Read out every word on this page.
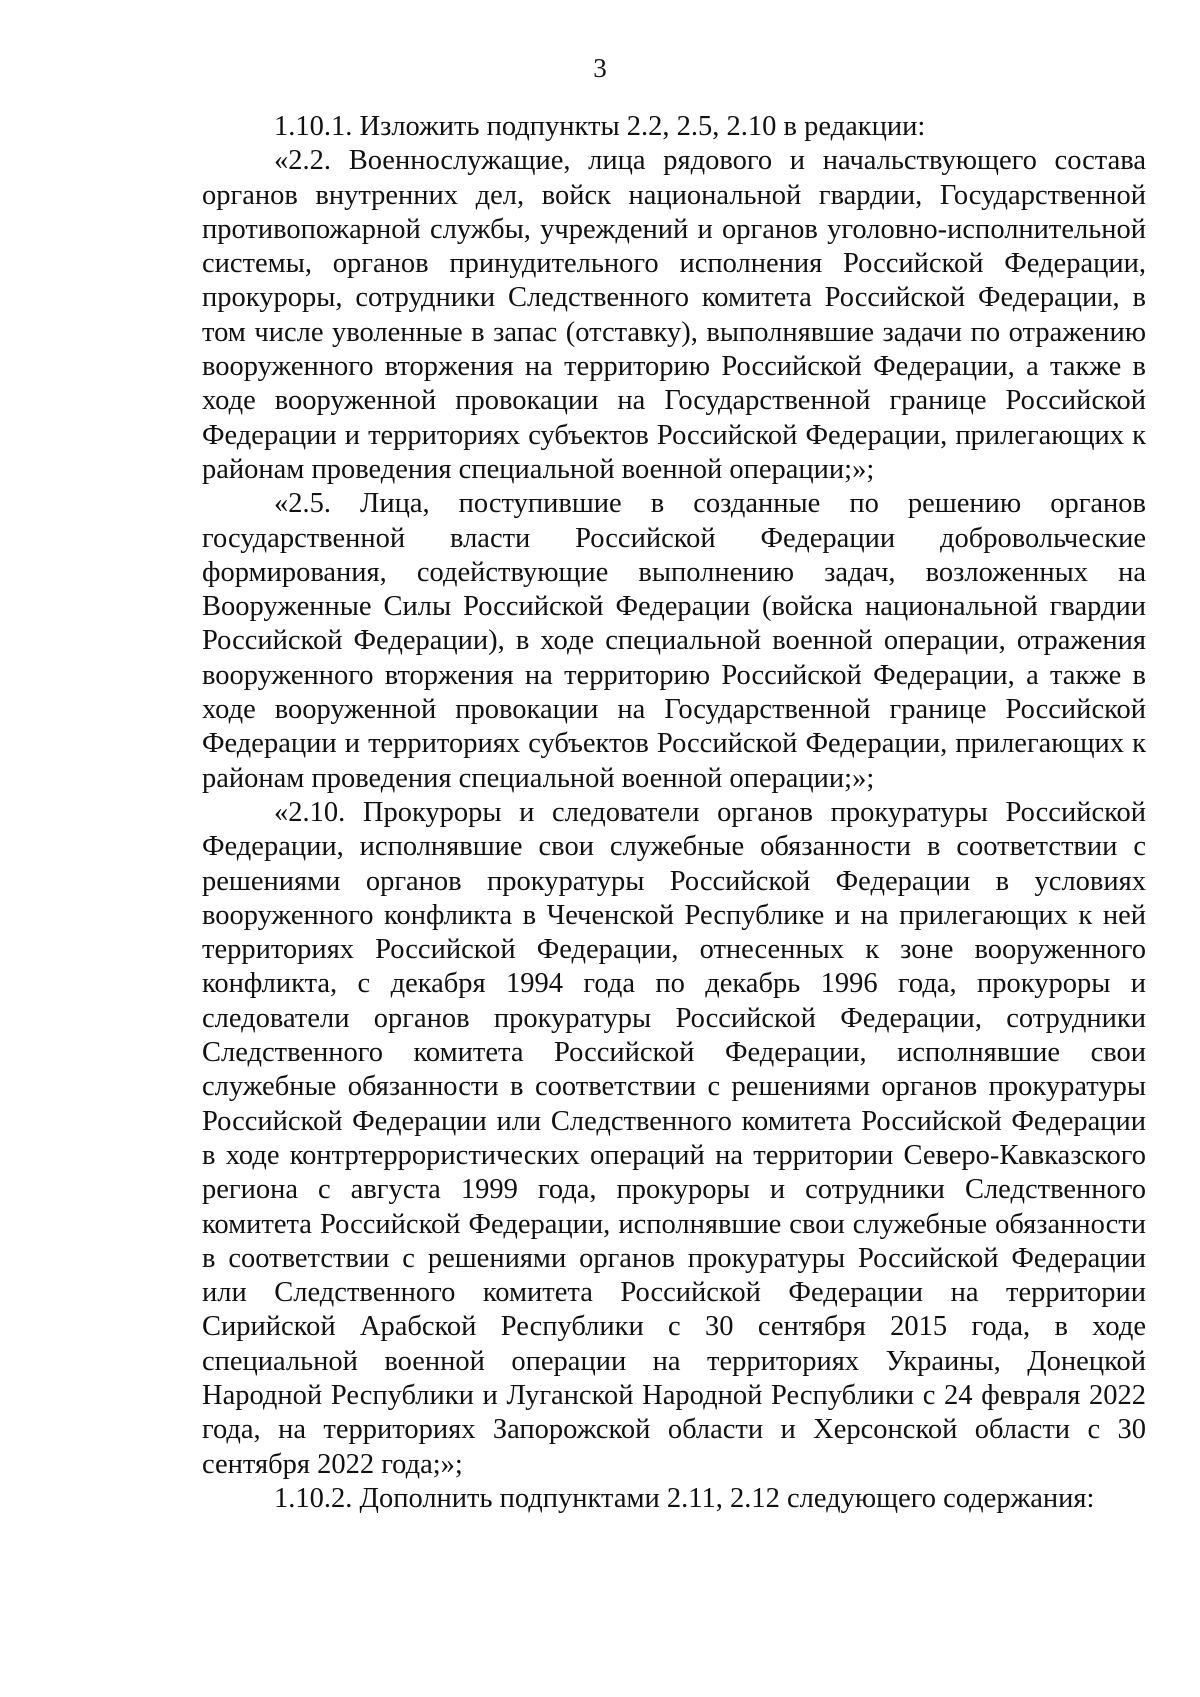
3

1.10.1. Изложить подпункты 2.2, 2.5, 2.10 в редакции:

«2.2. Военнослужащие, лица рядового и начальствующего состава органов внутренних дел, войск национальной гвардии, Государственной противопожарной службы, учреждений и органов уголовно-исполнительной системы, органов принудительного исполнения Российской Федерации, прокуроры, сотрудники Следственного комитета Российской Федерации, в том числе уволенные в запас (отставку), выполнявшие задачи по отражению вооруженного вторжения на территорию Российской Федерации, а также в ходе вооруженной провокации на Государственной границе Российской Федерации и территориях субъектов Российской Федерации, прилегающих к районам проведения специальной военной операции;»;

«2.5. Лица, поступившие в созданные по решению органов государственной власти Российской Федерации добровольческие формирования, содействующие выполнению задач, возложенных на Вооруженные Силы Российской Федерации (войска национальной гвардии Российской Федерации), в ходе специальной военной операции, отражения вооруженного вторжения на территорию Российской Федерации, а также в ходе вооруженной провокации на Государственной границе Российской Федерации и территориях субъектов Российской Федерации, прилегающих к районам проведения специальной военной операции;»;

«2.10. Прокуроры и следователи органов прокуратуры Российской Федерации, исполнявшие свои служебные обязанности в соответствии с решениями органов прокуратуры Российской Федерации в условиях вооруженного конфликта в Чеченской Республике и на прилегающих к ней территориях Российской Федерации, отнесенных к зоне вооруженного конфликта, с декабря 1994 года по декабрь 1996 года, прокуроры и следователи органов прокуратуры Российской Федерации, сотрудники Следственного комитета Российской Федерации, исполнявшие свои служебные обязанности в соответствии с решениями органов прокуратуры Российской Федерации или Следственного комитета Российской Федерации в ходе контртеррористических операций на территории Северо-Кавказского региона с августа 1999 года, прокуроры и сотрудники Следственного комитета Российской Федерации, исполнявшие свои служебные обязанности в соответствии с решениями органов прокуратуры Российской Федерации или Следственного комитета Российской Федерации на территории Сирийской Арабской Республики с 30 сентября 2015 года, в ходе специальной военной операции на территориях Украины, Донецкой Народной Республики и Луганской Народной Республики с 24 февраля 2022 года, на территориях Запорожской области и Херсонской области с 30 сентября 2022 года;»;

1.10.2. Дополнить подпунктами 2.11, 2.12 следующего содержания:
